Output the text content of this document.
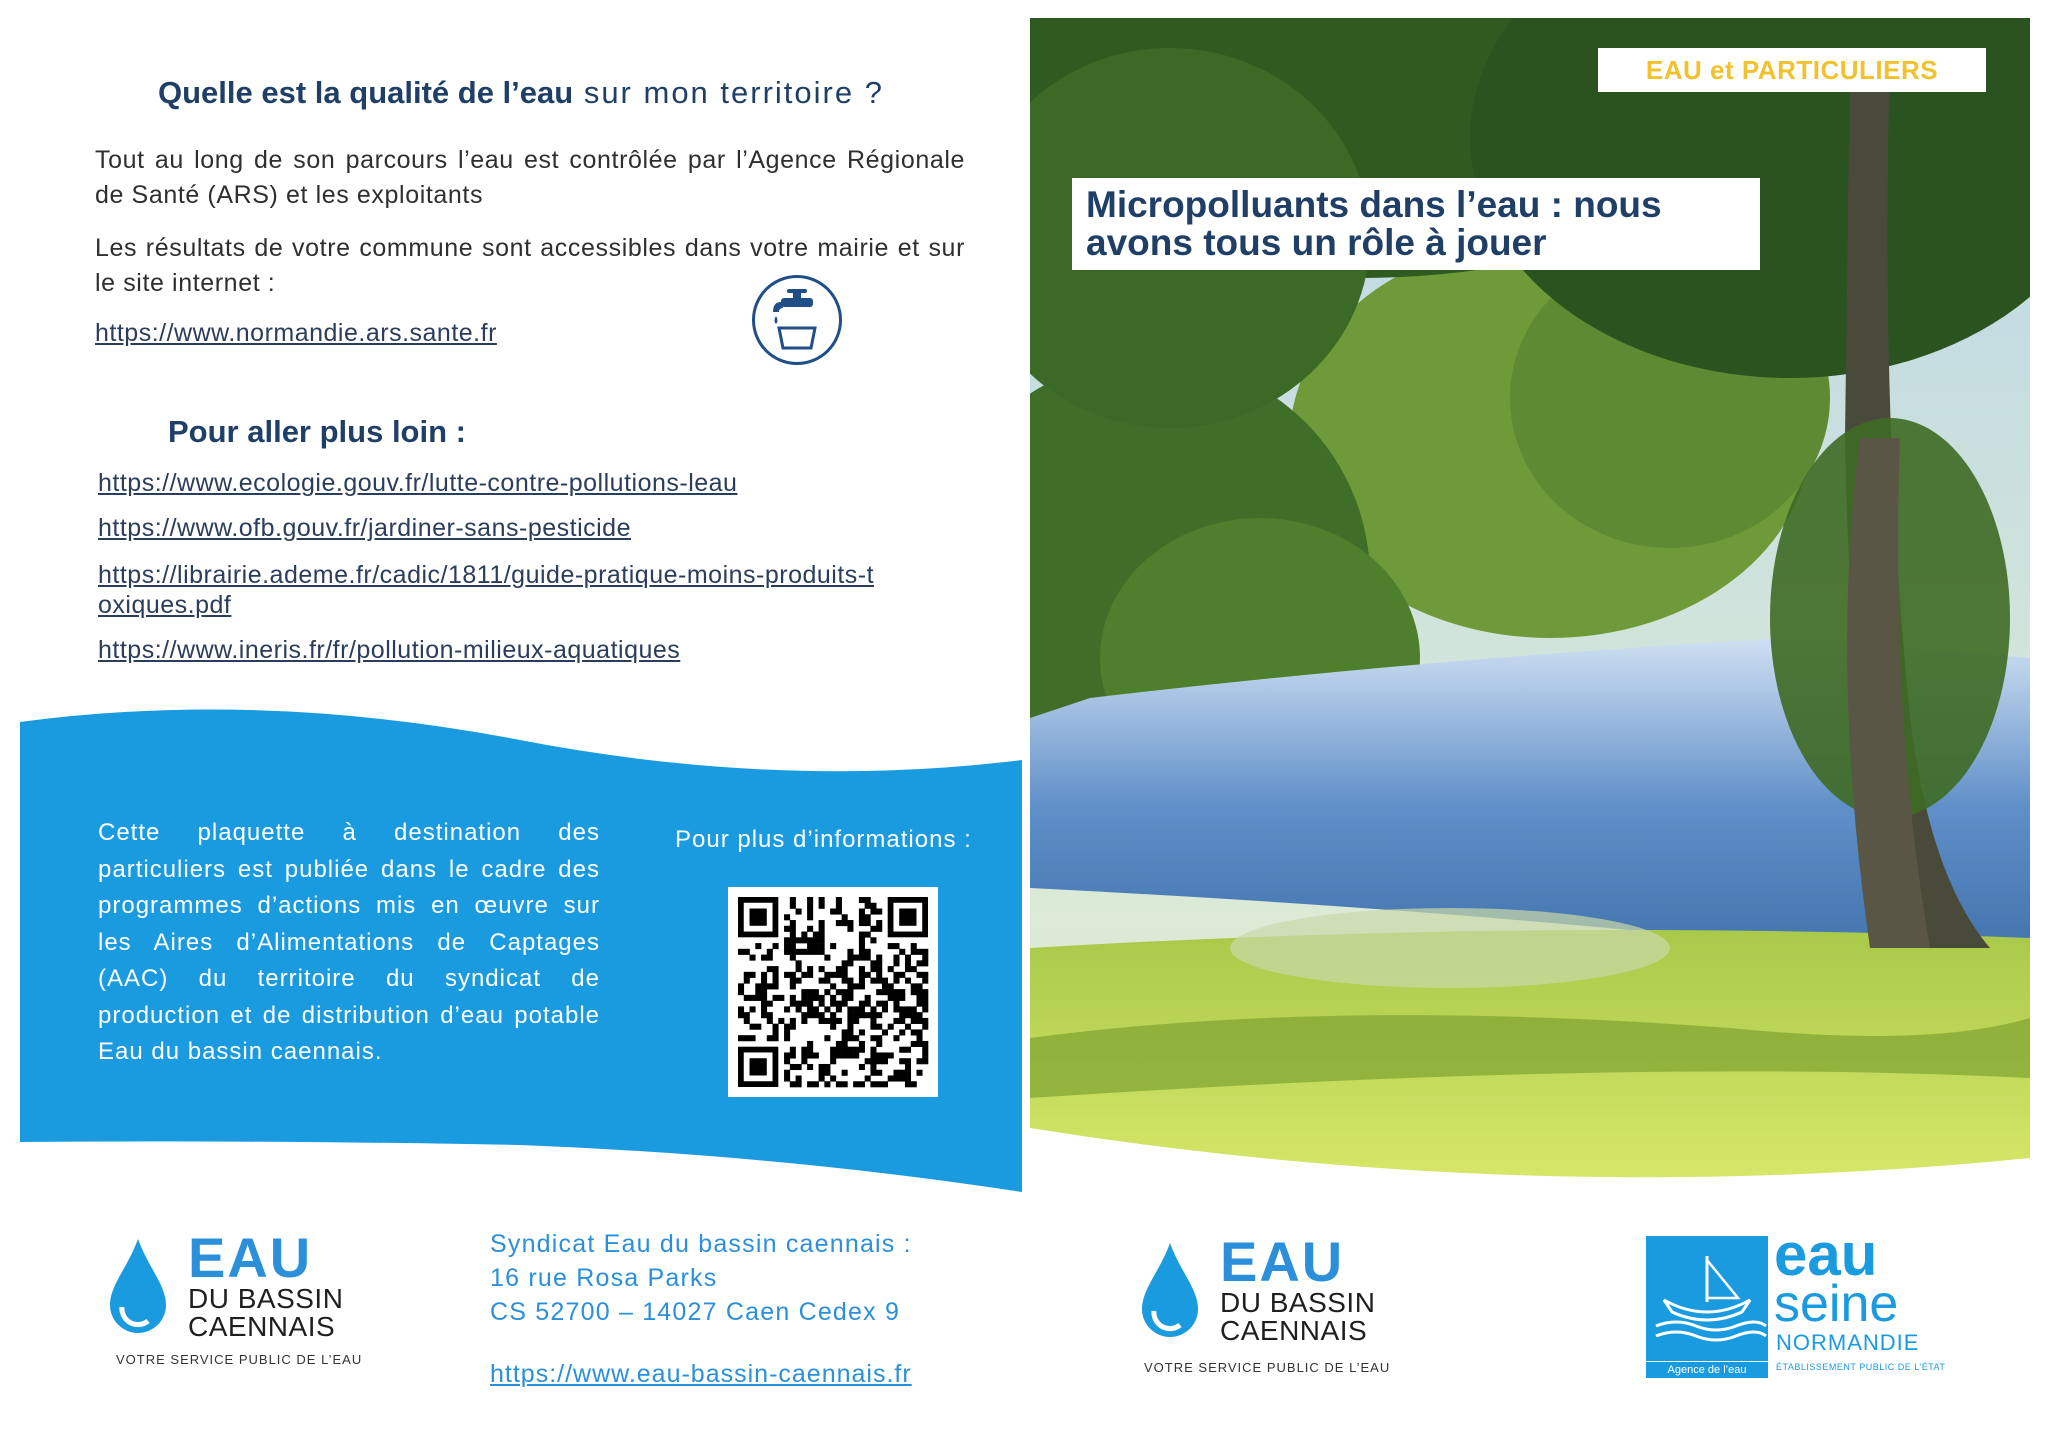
Quelle est la qualité de l’eau sur mon territoire ?
Tout au long de son parcours l’eau est contrôlée par l’Agence Régionale de Santé (ARS) et les exploitants
Les résultats de votre commune sont accessibles dans votre mairie et sur le site internet :
https://www.normandie.ars.sante.fr
Pour aller plus loin :
https://www.ecologie.gouv.fr/lutte-contre-pollutions-leau
https://www.ofb.gouv.fr/jardiner-sans-pesticide
https://librairie.ademe.fr/cadic/1811/guide-pratique-moins-produits-toxiques.pdf
https://www.ineris.fr/fr/pollution-milieux-aquatiques
Cette plaquette à destination des particuliers est publiée dans le cadre des programmes d’actions mis en œuvre sur les Aires d’Alimentations de Captages (AAC) du territoire du syndicat de production et de distribution d’eau potable Eau du bassin caennais.
Pour plus d’informations :
EAU
DU BASSIN
CAENNAIS
VOTRE SERVICE PUBLIC DE L’EAU
Syndicat Eau du bassin caennais :
16 rue Rosa Parks
CS 52700 – 14027 Caen Cedex 9
https://www.eau-bassin-caennais.fr
EAU et PARTICULIERS
Micropolluants dans l’eau : nous
avons tous un rôle à jouer
EAU
DU BASSIN
CAENNAIS
VOTRE SERVICE PUBLIC DE L’EAU	Agence de l’eau
eau
seine
NORMANDIE
ÉTABLISSEMENT PUBLIC DE L’ÉTAT
